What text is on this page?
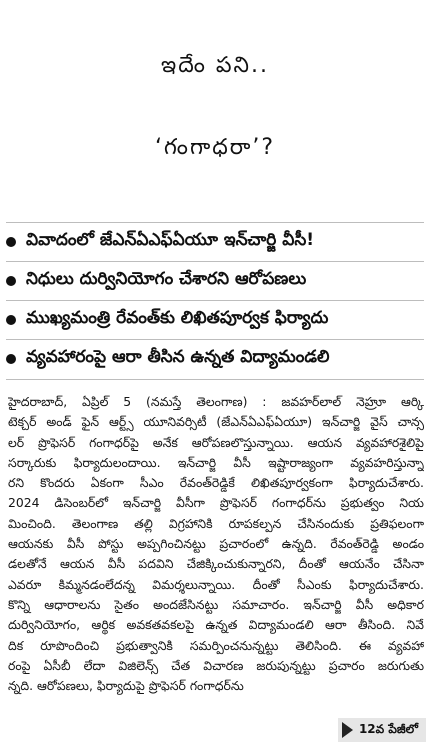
ఇదేం పని..
‘గంగాధరా’?
వివాదంలో జేఎన్ఏఎఫ్ఏయూ ఇన్‌చార్జి వీసీ!
నిధులు దుర్వినియోగం చేశారని ఆరోపణలు
ముఖ్యమంత్రి రేవంత్‌కు లిఖితపూర్వక ఫిర్యాదు
వ్యవహారంపై ఆరా తీసిన ఉన్నత విద్యామండలి
హైదరాబాద్, ఏప్రిల్ 5 (నమస్తే తెలంగాణ) : జవహర్‌లాల్ నెహ్రూ ఆర్కి
టెక్చర్ అండ్ ఫైన్ ఆర్ట్స్ యూనివర్సిటీ (జేఎన్ఏఎఫ్ఏయూ) ఇన్‌చార్జి వైస్ చాన్స
లర్ ప్రొఫెసర్ గంగాధర్‌పై అనేక ఆరోపణలొస్తున్నాయి. ఆయన వ్యవహారశైలిపై
సర్కారుకు ఫిర్యాదులందాయి. ఇన్‌చార్జి వీసీ ఇష్టారాజ్యంగా వ్యవహరిస్తున్నా
రని కొందరు ఏకంగా సీఎం రేవంత్‌రెడ్డికే లిఖితపూర్వకంగా ఫిర్యాదుచేశారు.
2024 డిసెంబర్‌లో ఇన్‌చార్జి వీసీగా ప్రొఫెసర్ గంగాధర్‌ను ప్రభుత్వం నియ
మించింది. తెలంగాణ తల్లి విగ్రహానికి రూపకల్పన చేసినందుకు ప్రతిఫలంగా
ఆయనకు వీసీ పోస్టు అప్పగించినట్టు ప్రచారంలో ఉన్నది. రేవంత్‌రెడ్డి అండం
డలతోనే ఆయన వీసీ పదవిని చేజిక్కించుకున్నారని, దీంతో ఆయనేం చేసినా
ఎవరూ కిమ్మనడంలేదన్న విమర్శలున్నాయి. దీంతో సీఎంకు ఫిర్యాదుచేశారు.
కొన్ని ఆధారాలను సైతం అందజేసినట్టు సమాచారం. ఇన్‌చార్జి వీసీ అధికార
దుర్వినియోగం, ఆర్థిక అవకతవకలపై ఉన్నత విద్యామండలి ఆరా తీసింది. నివే
దిక రూపొందించి ప్రభుత్వానికి సమర్పించనున్నట్టు తెలిసింది. ఈ వ్యవహా
రంపై ఏసీబీ లేదా విజిలెన్స్ చేత విచారణ జరుపున్నట్టు ప్రచారం జరుగుతు
న్నది. ఆరోపణలు, ఫిర్యాదుపై ప్రొఫెసర్ గంగాధర్‌ను
12వ పేజీలో
